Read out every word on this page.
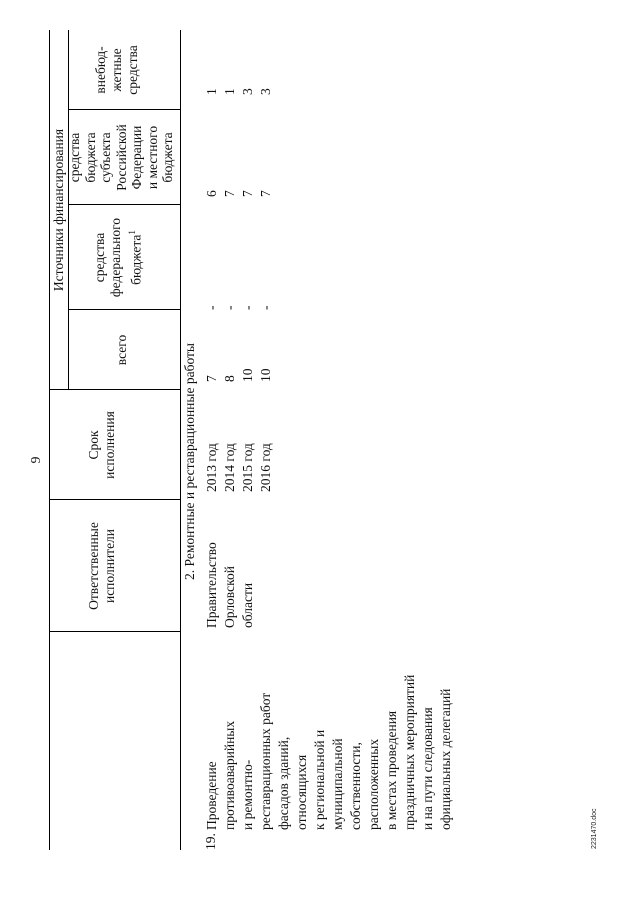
9
Ответственные исполнители
Срок исполнения
Источники финансирования
всего
средства федерального бюджета$^1$
средства бюджета субъекта Российской Федерации и местного бюджета
внебюд- жетные средства
2. Ремонтные и реставрационные работы
19.
Проведение противоаварийных и ремонтно- реставрационных работ фасадов зданий, относящихся к региональной и муниципальной собственности, расположенных в местах проведения праздничных мероприятий и на пути следования официальных делегаций
Правительство Орловской области
2013 год 2014 год 2015 год 2016 год
7 8 10 10
- - - -
6 7 7 7
1 1 3 3
2231470.doc
